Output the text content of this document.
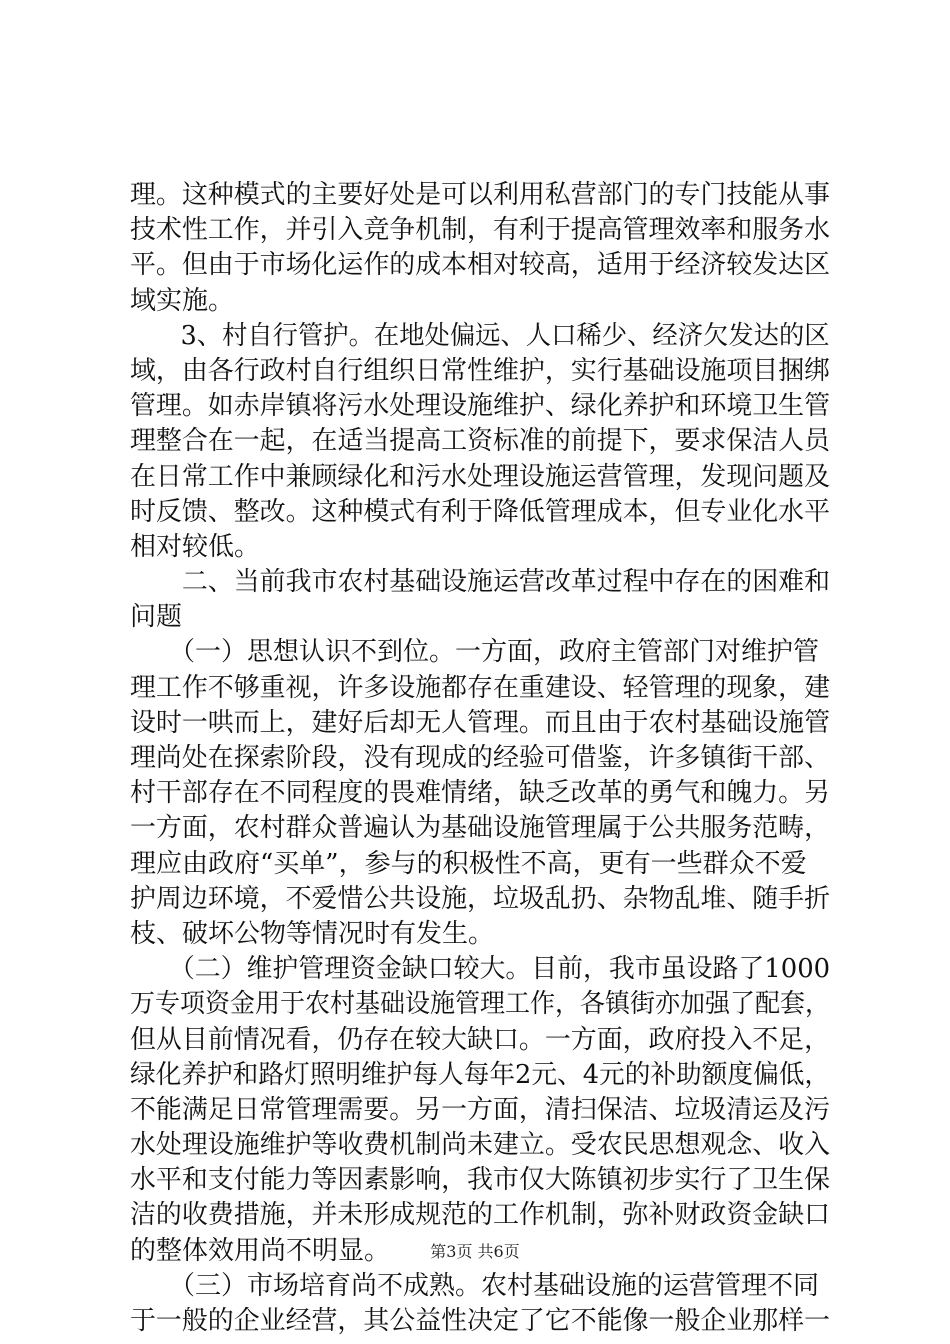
理。这种模式的主要好处是可以利用私营部门的专门技能从事
技术性工作，并引入竞争机制，有利于提高管理效率和服务水
平。但由于市场化运作的成本相对较高，适用于经济较发达区
域实施。
　　3、村自行管护。在地处偏远、人口稀少、经济欠发达的区
域，由各行政村自行组织日常性维护，实行基础设施项目捆绑
管理。如赤岸镇将污水处理设施维护、绿化养护和环境卫生管
理整合在一起，在适当提高工资标准的前提下，要求保洁人员
在日常工作中兼顾绿化和污水处理设施运营管理，发现问题及
时反馈、整改。这种模式有利于降低管理成本，但专业化水平
相对较低。
　　二、当前我市农村基础设施运营改革过程中存在的困难和
问题
　　（一）思想认识不到位。一方面，政府主管部门对维护管
理工作不够重视，许多设施都存在重建设、轻管理的现象，建
设时一哄而上，建好后却无人管理。而且由于农村基础设施管
理尚处在探索阶段，没有现成的经验可借鉴，许多镇街干部、
村干部存在不同程度的畏难情绪，缺乏改革的勇气和魄力。另
一方面，农村群众普遍认为基础设施管理属于公共服务范畴，
理应由政府“买单”，参与的积极性不高，更有一些群众不爱
护周边环境，不爱惜公共设施，垃圾乱扔、杂物乱堆、随手折
枝、破坏公物等情况时有发生。
　　（二）维护管理资金缺口较大。目前，我市虽设路了1000
万专项资金用于农村基础设施管理工作，各镇街亦加强了配套，
但从目前情况看，仍存在较大缺口。一方面，政府投入不足，
绿化养护和路灯照明维护每人每年2元、4元的补助额度偏低，
不能满足日常管理需要。另一方面，清扫保洁、垃圾清运及污
水处理设施维护等收费机制尚未建立。受农民思想观念、收入
水平和支付能力等因素影响，我市仅大陈镇初步实行了卫生保
洁的收费措施，并未形成规范的工作机制，弥补财政资金缺口
的整体效用尚不明显。
　　（三）市场培育尚不成熟。农村基础设施的运营管理不同
于一般的企业经营，其公益性决定了它不能像一般企业那样一
第3页 共6页
